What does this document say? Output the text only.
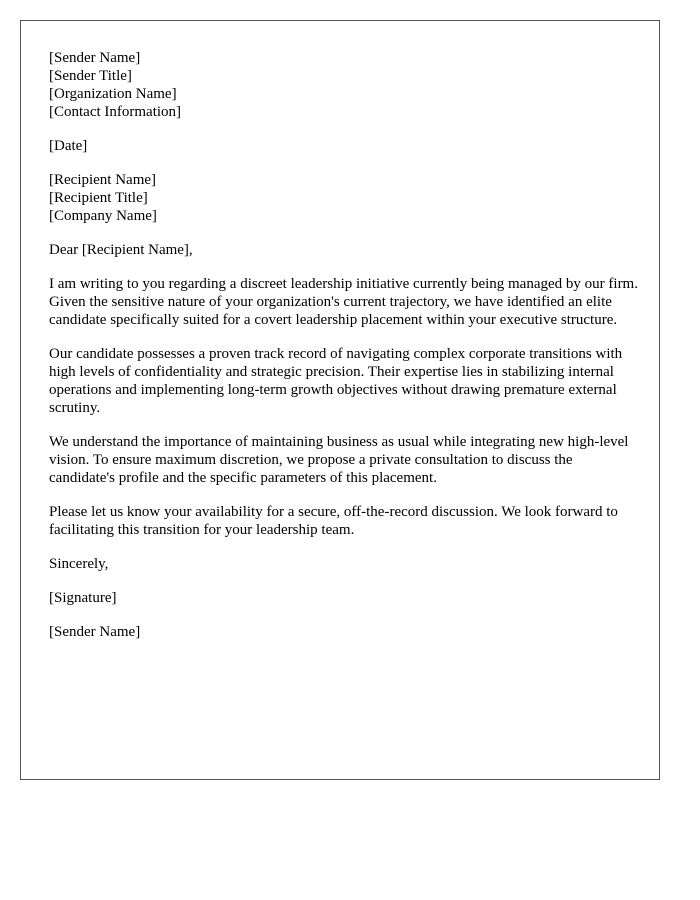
[Sender Name]
[Sender Title]
[Organization Name]
[Contact Information]
[Date]
[Recipient Name]
[Recipient Title]
[Company Name]

Dear [Recipient Name],

I am writing to you regarding a discreet leadership initiative currently being managed by our firm. Given the sensitive nature of your organization's current trajectory, we have identified an elite candidate specifically suited for a covert leadership placement within your executive structure.

Our candidate possesses a proven track record of navigating complex corporate transitions with high levels of confidentiality and strategic precision. Their expertise lies in stabilizing internal operations and implementing long-term growth objectives without drawing premature external scrutiny.

We understand the importance of maintaining business as usual while integrating new high-level vision. To ensure maximum discretion, we propose a private consultation to discuss the candidate's profile and the specific parameters of this placement.

Please let us know your availability for a secure, off-the-record discussion. We look forward to facilitating this transition for your leadership team.

Sincerely,

[Signature]

[Sender Name]
